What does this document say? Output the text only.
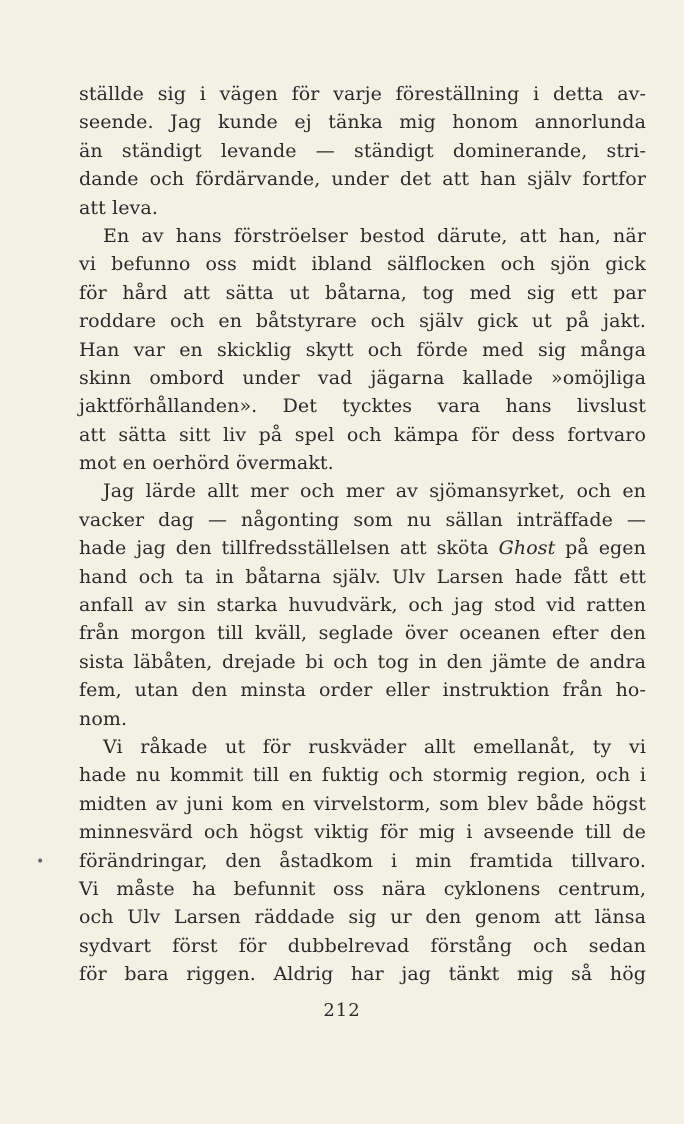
ställde sig i vägen för varje föreställning i detta av-
seende. Jag kunde ej tänka mig honom annorlunda
än ständigt levande — ständigt dominerande, stri-
dande och fördärvande, under det att han själv fortfor
att leva.
En av hans förströelser bestod därute, att han, när
vi befunno oss midt ibland sälflocken och sjön gick
för hård att sätta ut båtarna, tog med sig ett par
roddare och en båtstyrare och själv gick ut på jakt.
Han var en skicklig skytt och förde med sig många
skinn ombord under vad jägarna kallade »omöjliga
jaktförhållanden». Det tycktes vara hans livslust
att sätta sitt liv på spel och kämpa för dess fortvaro
mot en oerhörd övermakt.
Jag lärde allt mer och mer av sjömansyrket, och en
vacker dag — någonting som nu sällan inträffade —
hade jag den tillfredsställelsen att sköta Ghost på egen
hand och ta in båtarna själv. Ulv Larsen hade fått ett
anfall av sin starka huvudvärk, och jag stod vid ratten
från morgon till kväll, seglade över oceanen efter den
sista läbåten, drejade bi och tog in den jämte de andra
fem, utan den minsta order eller instruktion från ho-
nom.
Vi råkade ut för ruskväder allt emellanåt, ty vi
hade nu kommit till en fuktig och stormig region, och i
midten av juni kom en virvelstorm, som blev både högst
minnesvärd och högst viktig för mig i avseende till de
förändringar, den åstadkom i min framtida tillvaro.
Vi måste ha befunnit oss nära cyklonens centrum,
och Ulv Larsen räddade sig ur den genom att länsa
sydvart först för dubbelrevad förstång och sedan
för bara riggen. Aldrig har jag tänkt mig så hög
•
212
